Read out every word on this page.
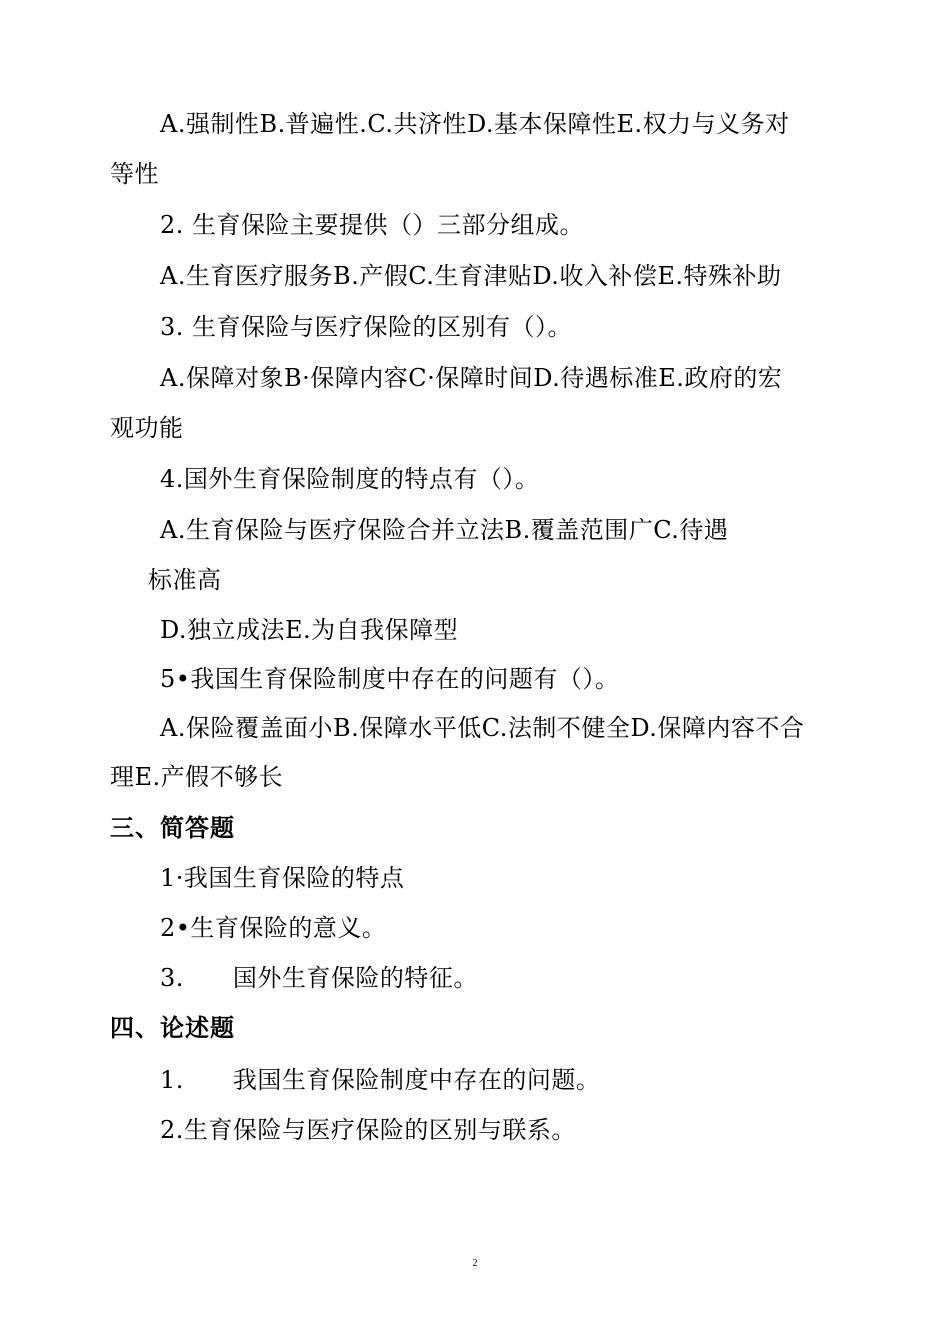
A.强制性B.普遍性.C.共济性D.基本保障性E.权力与义务对
等性
2. 生育保险主要提供（）三部分组成。
A.生育医疗服务B.产假C.生育津贴D.收入补偿E.特殊补助
3. 生育保险与医疗保险的区别有（）。
A.保障对象B·保障内容C·保障时间D.待遇标准E.政府的宏
观功能
4.国外生育保险制度的特点有（）。
A.生育保险与医疗保险合并立法B.覆盖范围广C.待遇
标准高
D.独立成法E.为自我保障型
5•我国生育保险制度中存在的问题有（）。
A.保险覆盖面小B.保障水平低C.法制不健全D.保障内容不合
理E.产假不够长
三、简答题
1·我国生育保险的特点
2•生育保险的意义。
3.　　国外生育保险的特征。
四、论述题
1.　　我国生育保险制度中存在的问题。
2.生育保险与医疗保险的区别与联系。
2
